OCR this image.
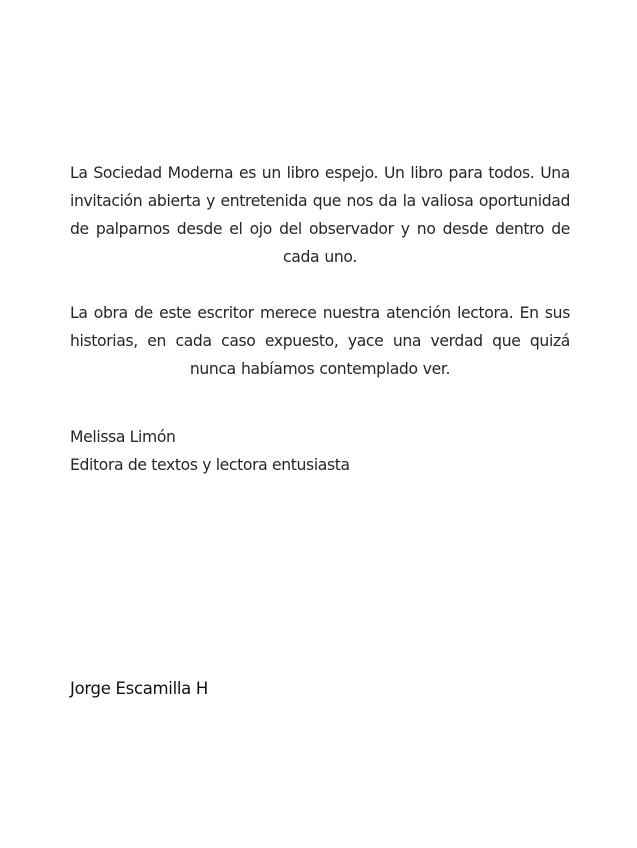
La Sociedad Moderna es un libro espejo. Un libro para todos. Una invitación abierta y entretenida que nos da la valiosa oportunidad de palparnos desde el ojo del observador y no desde dentro de cada uno.

La obra de este escritor merece nuestra atención lectora. En sus historias, en cada caso expuesto, yace una verdad que quizá nunca habíamos contemplado ver.

Melissa Limón
Editora de textos y lectora entusiasta
Jorge Escamilla H
